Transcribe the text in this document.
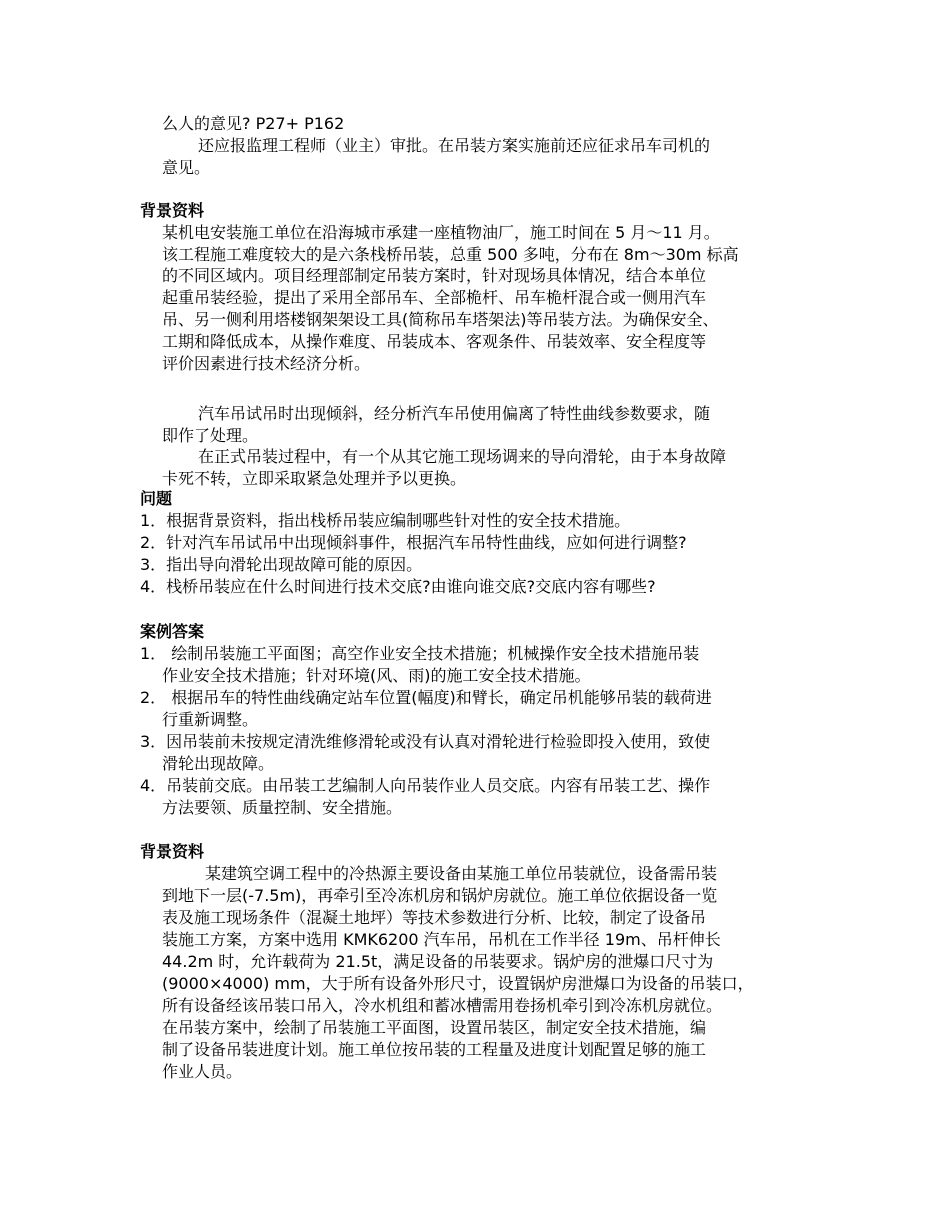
么人的意见? P27+ P162
还应报监理工程师（业主）审批。在吊装方案实施前还应征求吊车司机的
意见。
背景资料
某机电安装施工单位在沿海城市承建一座植物油厂，施工时间在 5 月～11 月。
该工程施工难度较大的是六条栈桥吊装，总重 500 多吨，分布在 8m～30m 标高
的不同区域内。项目经理部制定吊装方案时，针对现场具体情况，结合本单位
起重吊装经验，提出了采用全部吊车、全部桅杆、吊车桅杆混合或一侧用汽车
吊、另一侧利用塔楼钢架架设工具(简称吊车塔架法)等吊装方法。为确保安全、
工期和降低成本，从操作难度、吊装成本、客观条件、吊装效率、安全程度等
评价因素进行技术经济分析。
汽车吊试吊时出现倾斜，经分析汽车吊使用偏离了特性曲线参数要求，随
即作了处理。
在正式吊装过程中，有一个从其它施工现场调来的导向滑轮，由于本身故障
卡死不转，立即采取紧急处理并予以更换。
问题
1．根据背景资料，指出栈桥吊装应编制哪些针对性的安全技术措施。
2．针对汽车吊试吊中出现倾斜事件，根据汽车吊特性曲线，应如何进行调整?
3．指出导向滑轮出现故障可能的原因。
4．栈桥吊装应在什么时间进行技术交底?由谁向谁交底?交底内容有哪些?
案例答案
1． 绘制吊装施工平面图；高空作业安全技术措施；机械操作安全技术措施吊装
作业安全技术措施；针对环境(风、雨)的施工安全技术措施。
2． 根据吊车的特性曲线确定站车位置(幅度)和臂长，确定吊机能够吊装的载荷进
行重新调整。
3．因吊装前未按规定清洗维修滑轮或没有认真对滑轮进行检验即投入使用，致使
滑轮出现故障。
4．吊装前交底。由吊装工艺编制人向吊装作业人员交底。内容有吊装工艺、操作
方法要领、质量控制、安全措施。
背景资料
某建筑空调工程中的冷热源主要设备由某施工单位吊装就位，设备需吊装
到地下一层(-7.5m)，再牵引至冷冻机房和锅炉房就位。施工单位依据设备一览
表及施工现场条件（混凝土地坪）等技术参数进行分析、比较，制定了设备吊
装施工方案，方案中选用 KMK6200 汽车吊，吊机在工作半径 19m、吊杆伸长
44.2m 时，允许载荷为 21.5t，满足设备的吊装要求。锅炉房的泄爆口尺寸为
(9000×4000) mm，大于所有设备外形尺寸，设置锅炉房泄爆口为设备的吊装口，
所有设备经该吊装口吊入，冷水机组和蓄冰槽需用卷扬机牵引到冷冻机房就位。
在吊装方案中，绘制了吊装施工平面图，设置吊装区，制定安全技术措施，编
制了设备吊装进度计划。施工单位按吊装的工程量及进度计划配置足够的施工
作业人员。
